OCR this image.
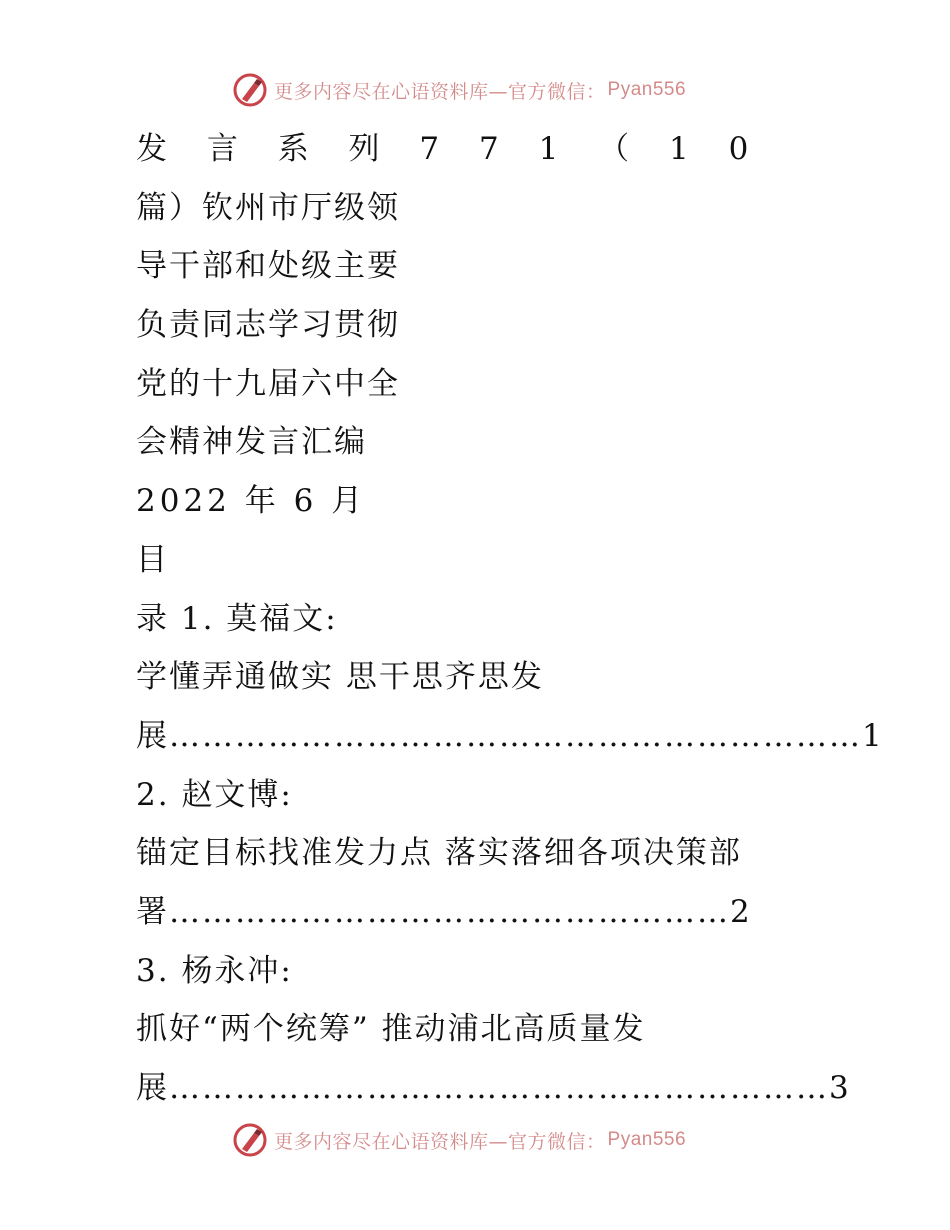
更多内容尽在心语资料库—官方微信： Pyan556
发 言 系 列 7 7 1 （ 1 0
篇）钦州市厅级领
导干部和处级主要
负责同志学习贯彻
党的十九届六中全
会精神发言汇编
2022 年 6 月
目
录 1. 莫福文:
学懂弄通做实 思干思齐思发
展………………………………………………………1
2. 赵文博:
锚定目标找准发力点 落实落细各项决策部
署……………………………………………2
3. 杨永冲:
抓好“两个统筹” 推动浦北高质量发
展……………………………………………………3
更多内容尽在心语资料库—官方微信： Pyan556
